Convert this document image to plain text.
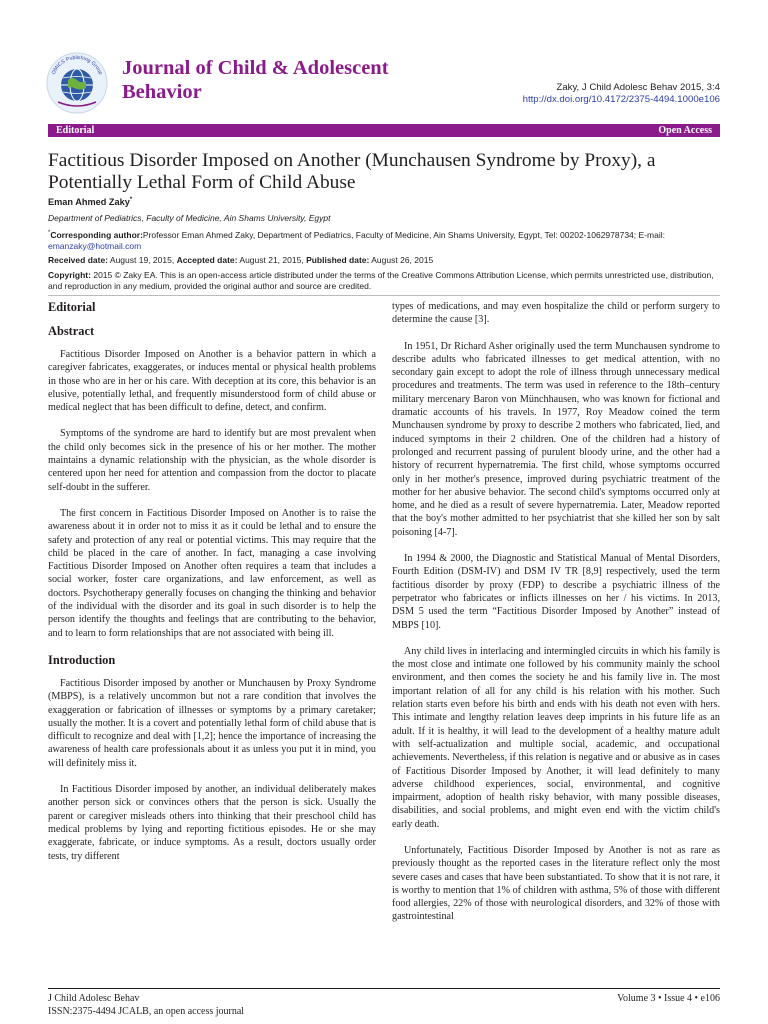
OMICS Publishing Group Journal of Child & Adolescent
Behavior	Zaky, J Child Adolesc Behav 2015, 3:4
http://dx.doi.org/10.4172/2375-4494.1000e106
Editorial	Open Access
Factitious Disorder Imposed on Another (Munchausen Syndrome by Proxy), a
Potentially Lethal Form of Child Abuse
Eman Ahmed Zaky*
Department of Pediatrics, Faculty of Medicine, Ain Shams University, Egypt
*Corresponding author:Professor Eman Ahmed Zaky, Department of Pediatrics, Faculty of Medicine, Ain Shams University, Egypt, Tel: 00202-1062978734; E-mail:
emanzaky@hotmail.com
Received date: August 19, 2015, Accepted date: August 21, 2015, Published date: August 26, 2015
Copyright: 2015 © Zaky EA. This is an open-access article distributed under the terms of the Creative Commons Attribution License, which permits unrestricted use, distribution, and reproduction in any medium, provided the original author and source are credited.
Editorial
Abstract

Factitious Disorder Imposed on Another is a behavior pattern in which a caregiver fabricates, exaggerates, or induces mental or physical health problems in those who are in her or his care. With deception at its core, this behavior is an elusive, potentially lethal, and frequently misunderstood form of child abuse or medical neglect that has been difficult to define, detect, and confirm.

Symptoms of the syndrome are hard to identify but are most prevalent when the child only becomes sick in the presence of his or her mother. The mother maintains a dynamic relationship with the physician, as the whole disorder is centered upon her need for attention and compassion from the doctor to placate self-doubt in the sufferer.

The first concern in Factitious Disorder Imposed on Another is to raise the awareness about it in order not to miss it as it could be lethal and to ensure the safety and protection of any real or potential victims. This may require that the child be placed in the care of another. In fact, managing a case involving Factitious Disorder Imposed on Another often requires a team that includes a social worker, foster care organizations, and law enforcement, as well as doctors. Psychotherapy generally focuses on changing the thinking and behavior of the individual with the disorder and its goal in such disorder is to help the person identify the thoughts and feelings that are contributing to the behavior, and to learn to form relationships that are not associated with being ill.

Introduction

Factitious Disorder imposed by another or Munchausen by Proxy Syndrome (MBPS), is a relatively uncommon but not a rare condition that involves the exaggeration or fabrication of illnesses or symptoms by a primary caretaker; usually the mother. It is a covert and potentially lethal form of child abuse that is difficult to recognize and deal with [1,2]; hence the importance of increasing the awareness of health care professionals about it as unless you put it in mind, you will definitely miss it.

In Factitious Disorder imposed by another, an individual deliberately makes another person sick or convinces others that the person is sick. Usually the parent or caregiver misleads others into thinking that their preschool child has medical problems by lying and reporting fictitious episodes. He or she may exaggerate, fabricate, or induce symptoms. As a result, doctors usually order tests, try different

types of medications, and may even hospitalize the child or perform surgery to determine the cause [3].

In 1951, Dr Richard Asher originally used the term Munchausen syndrome to describe adults who fabricated illnesses to get medical attention, with no secondary gain except to adopt the role of illness through unnecessary medical procedures and treatments. The term was used in reference to the 18th–century military mercenary Baron von Münchhausen, who was known for fictional and dramatic accounts of his travels. In 1977, Roy Meadow coined the term Munchausen syndrome by proxy to describe 2 mothers who fabricated, lied, and induced symptoms in their 2 children. One of the children had a history of prolonged and recurrent passing of purulent bloody urine, and the other had a history of recurrent hypernatremia. The first child, whose symptoms occurred only in her mother's presence, improved during psychiatric treatment of the mother for her abusive behavior. The second child's symptoms occurred only at home, and he died as a result of severe hypernatremia. Later, Meadow reported that the boy's mother admitted to her psychiatrist that she killed her son by salt poisoning [4-7].

In 1994 & 2000, the Diagnostic and Statistical Manual of Mental Disorders, Fourth Edition (DSM-IV) and DSM IV TR [8,9] respectively, used the term factitious disorder by proxy (FDP) to describe a psychiatric illness of the perpetrator who fabricates or inflicts illnesses on her / his victims. In 2013, DSM 5 used the term “Factitious Disorder Imposed by Another” instead of MBPS [10].

Any child lives in interlacing and intermingled circuits in which his family is the most close and intimate one followed by his community mainly the school environment, and then comes the society he and his family live in. The most important relation of all for any child is his relation with his mother. Such relation starts even before his birth and ends with his death not even with hers. This intimate and lengthy relation leaves deep imprints in his future life as an adult. If it is healthy, it will lead to the development of a healthy mature adult with self-actualization and multiple social, academic, and occupational achievements. Nevertheless, if this relation is negative and or abusive as in cases of Factitious Disorder Imposed by Another, it will lead definitely to many adverse childhood experiences, social, environmental, and cognitive impairment, adoption of health risky behavior, with many possible diseases, disabilities, and social problems, and might even end with the victim child's early death.

Unfortunately, Factitious Disorder Imposed by Another is not as rare as previously thought as the reported cases in the literature reflect only the most severe cases and cases that have been substantiated. To show that it is not rare, it is worthy to mention that 1% of children with asthma, 5% of those with different food allergies, 22% of those with neurological disorders, and 32% of those with gastrointestinal

J Child Adolesc Behav
ISSN:2375-4494 JCALB, an open access journal
Volume 3 • Issue 4 • e106
